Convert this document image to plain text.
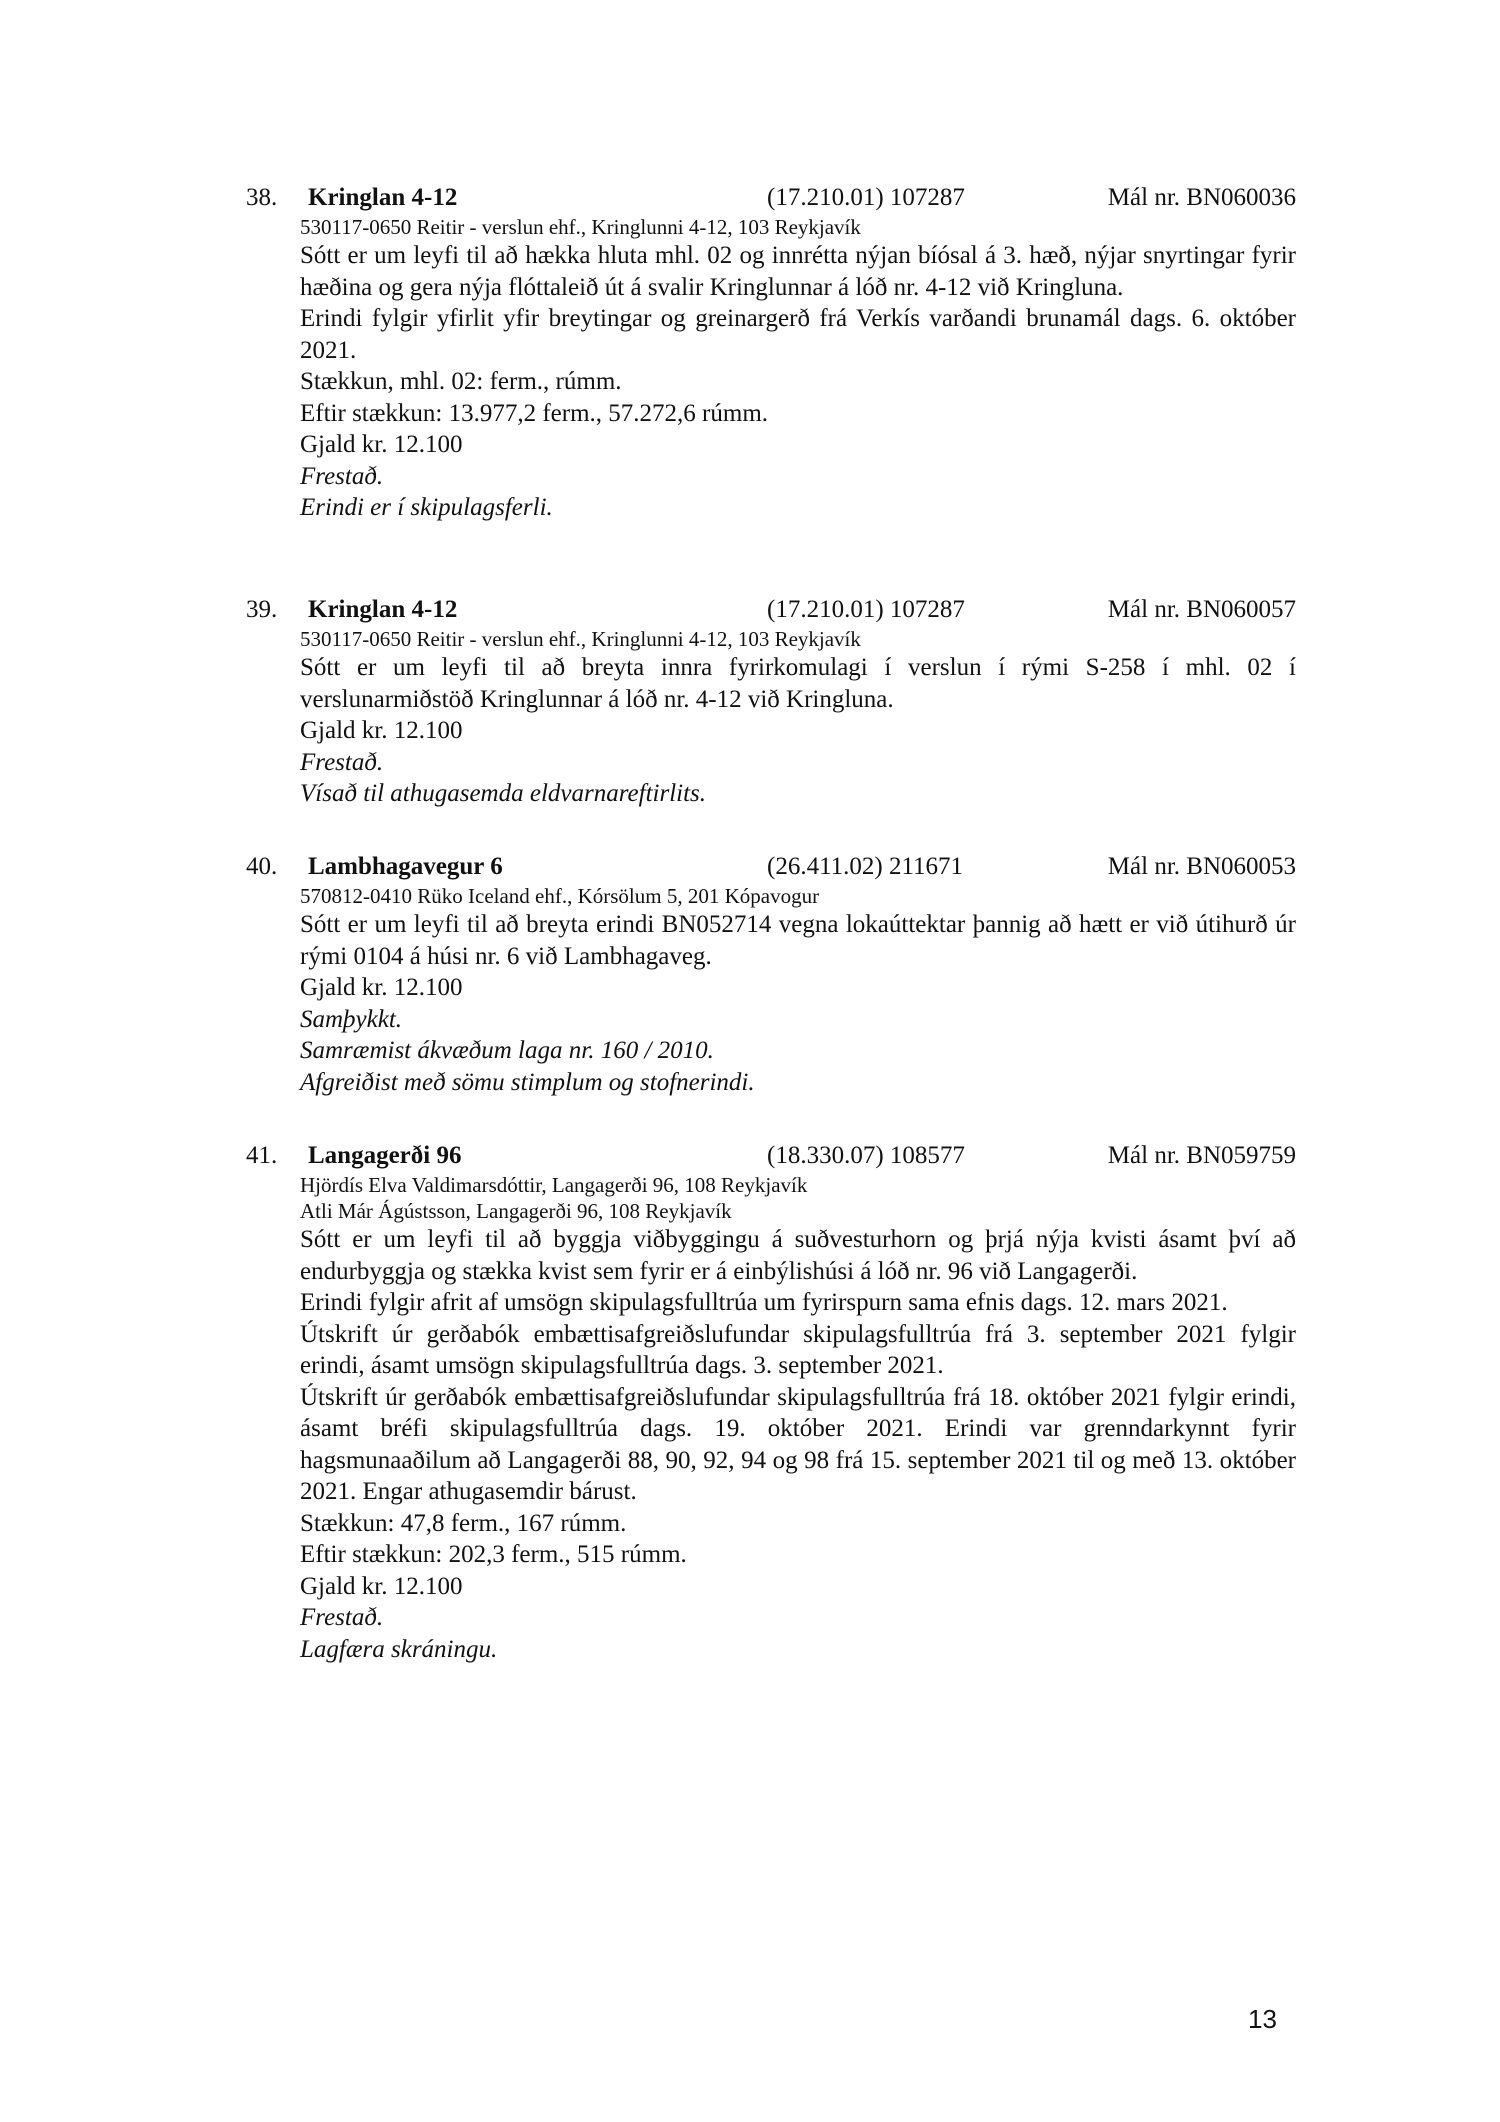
38. Kringlan 4-12	(17.210.01) 107287	Mál nr. BN060036
530117-0650 Reitir - verslun ehf., Kringlunni 4-12, 103 Reykjavík

Sótt er um leyfi til að hækka hluta mhl. 02 og innrétta nýjan bíósal á 3. hæð, nýjar snyrtingar fyrir hæðina og gera nýja flóttaleið út á svalir Kringlunnar á lóð nr. 4-12 við Kringluna.

Erindi fylgir yfirlit yfir breytingar og greinargerð frá Verkís varðandi brunamál dags. 6. október 2021.

Stækkun, mhl. 02: ferm., rúmm.

Eftir stækkun: 13.977,2 ferm., 57.272,6 rúmm.

Gjald kr. 12.100

Frestað.

Erindi er í skipulagsferli.

39. Kringlan 4-12	(17.210.01) 107287	Mál nr. BN060057
530117-0650 Reitir - verslun ehf., Kringlunni 4-12, 103 Reykjavík

Sótt er um leyfi til að breyta innra fyrirkomulagi í verslun í rými S-258 í mhl. 02 í verslunarmiðstöð Kringlunnar á lóð nr. 4-12 við Kringluna.

Gjald kr. 12.100

Frestað.

Vísað til athugasemda eldvarnareftirlits.

40. Lambhagavegur 6	(26.411.02) 211671	Mál nr. BN060053
570812-0410 Rüko Iceland ehf., Kórsölum 5, 201 Kópavogur

Sótt er um leyfi til að breyta erindi BN052714 vegna lokaúttektar þannig að hætt er við útihurð úr rými 0104 á húsi nr. 6 við Lambhagaveg.

Gjald kr. 12.100

Samþykkt.

Samræmist ákvæðum laga nr. 160 / 2010.

Afgreiðist með sömu stimplum og stofnerindi.

41. Langagerði 96	(18.330.07) 108577	Mál nr. BN059759
Hjördís Elva Valdimarsdóttir, Langagerði 96, 108 Reykjavík
Atli Már Ágústsson, Langagerði 96, 108 Reykjavík

Sótt er um leyfi til að byggja viðbyggingu á suðvesturhorn og þrjá nýja kvisti ásamt því að endurbyggja og stækka kvist sem fyrir er á einbýlishúsi á lóð nr. 96 við Langagerði.

Erindi fylgir afrit af umsögn skipulagsfulltrúa um fyrirspurn sama efnis dags. 12. mars 2021.

Útskrift úr gerðabók embættisafgreiðslufundar skipulagsfulltrúa frá 3. september 2021 fylgir erindi, ásamt umsögn skipulagsfulltrúa dags. 3. september 2021.

Útskrift úr gerðabók embættisafgreiðslufundar skipulagsfulltrúa frá 18. október 2021 fylgir erindi, ásamt bréfi skipulagsfulltrúa dags. 19. október 2021. Erindi var grenndarkynnt fyrir hagsmunaaðilum að Langagerði 88, 90, 92, 94 og 98 frá 15. september 2021 til og með 13. október 2021. Engar athugasemdir bárust.

Stækkun: 47,8 ferm., 167 rúmm.

Eftir stækkun: 202,3 ferm., 515 rúmm.

Gjald kr. 12.100

Frestað.

Lagfæra skráningu.

13
